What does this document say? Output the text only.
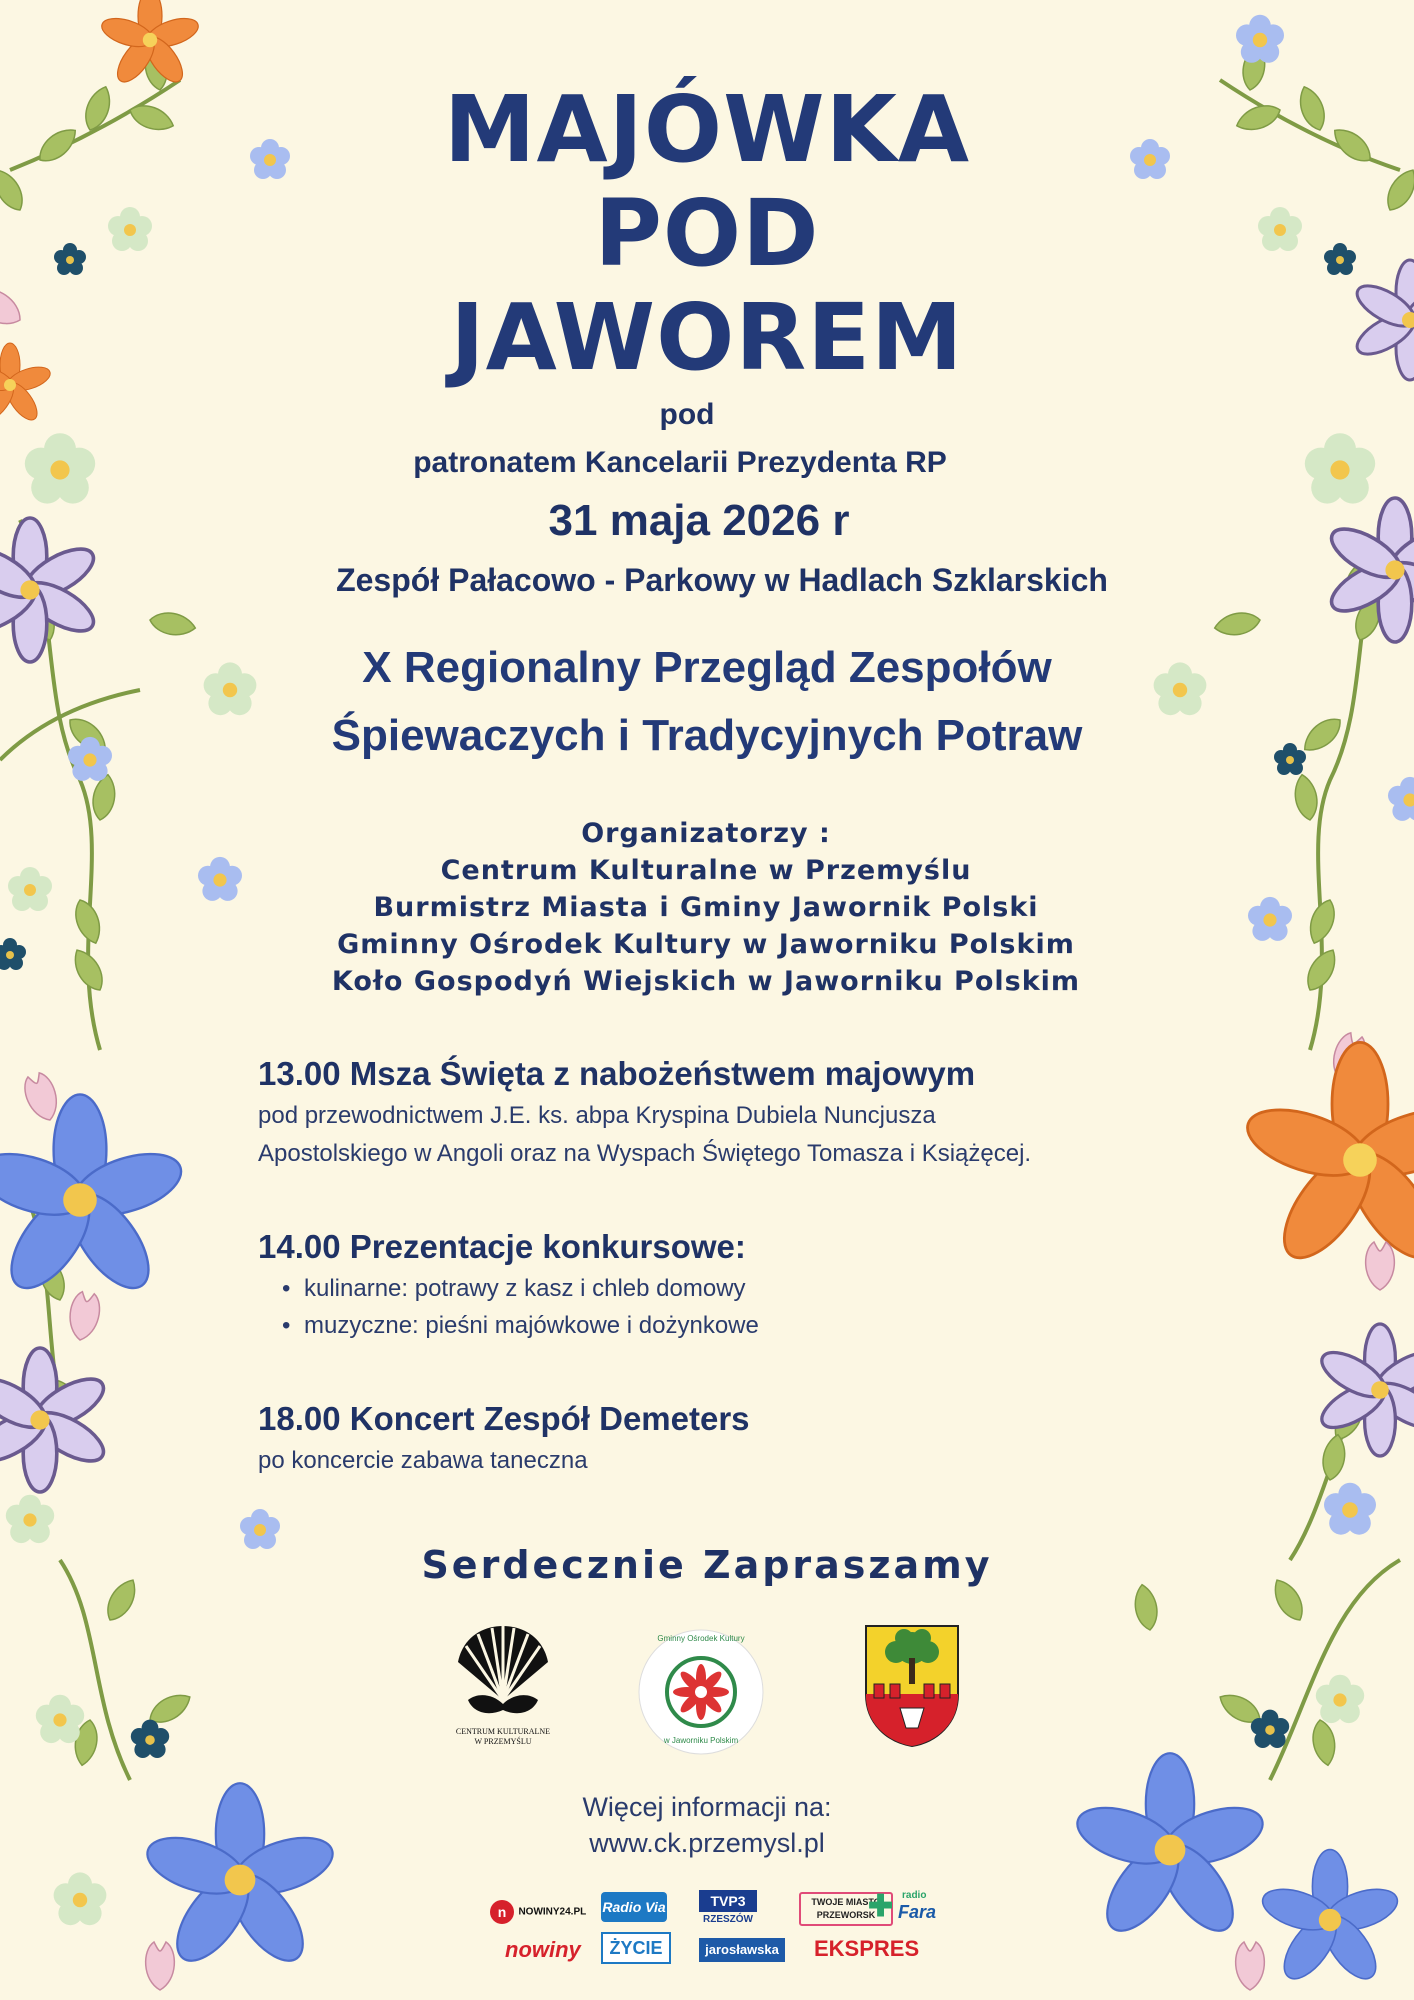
MAJÓWKA
POD
JAWOREM
pod
patronatem Kancelarii Prezydenta RP
31 maja 2026 r
Zespół Pałacowo - Parkowy w Hadlach Szklarskich
X Regionalny Przegląd Zespołów
Śpiewaczych i Tradycyjnych Potraw
Organizatorzy :
Centrum Kulturalne w Przemyślu
Burmistrz Miasta i Gminy Jawornik Polski
Gminny Ośrodek Kultury w Jaworniku Polskim
Koło Gospodyń Wiejskich w Jaworniku Polskim
13.00 Msza Święta z nabożeństwem majowym
pod przewodnictwem J.E. ks. abpa Kryspina Dubiela Nuncjusza
Apostolskiego w Angoli oraz na Wyspach Świętego Tomasza i Książęcej.
14.00 Prezentacje konkursowe:
• kulinarne: potrawy z kasz i chleb domowy
• muzyczne: pieśni majówkowe i dożynkowe
18.00 Koncert Zespół Demeters
po koncercie zabawa taneczna
Serdecznie Zapraszamy
CENTRUM KULTURALNE
W PRZEMYŚLU
Gminny Ośrodek Kultury
w Jaworniku Polskim
Więcej informacji na:
www.ck.przemysl.pl
n NOWINY24.PL
nowiny
Radio Via
ŻYCIE
TVP3
RZESZÓW
jarosławska
TWOJE MIASTO
PRZEWORSK
EKSPRES
✚ radio
Fara
